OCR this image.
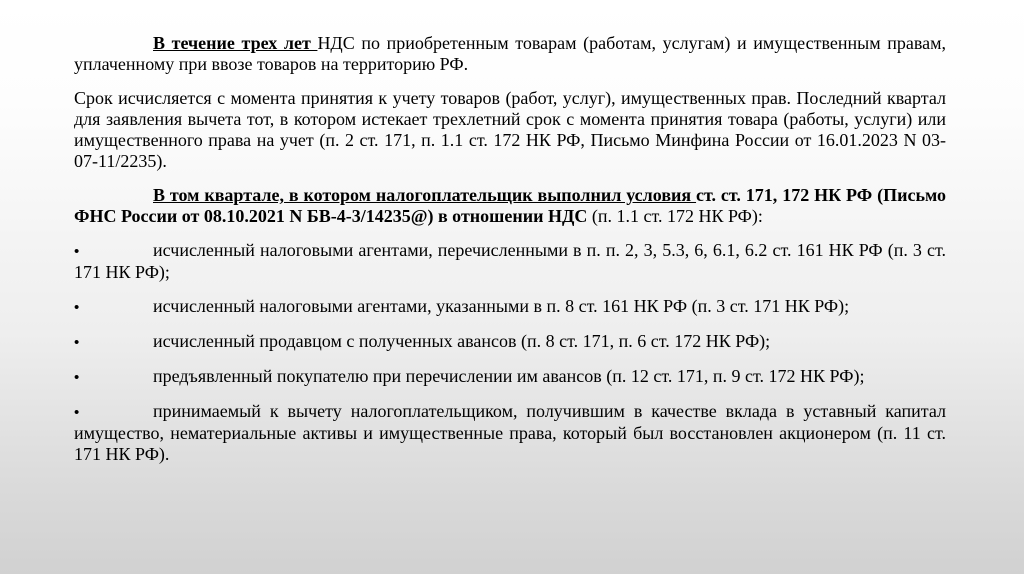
В течение трех лет НДС по приобретенным товарам (работам, услугам) и имущественным правам, уплаченному при ввозе товаров на территорию РФ.

Срок исчисляется с момента принятия к учету товаров (работ, услуг), имущественных прав. Последний квартал для заявления вычета тот, в котором истекает трехлетний срок с момента принятия товара (работы, услуги) или имущественного права на учет (п. 2 ст. 171, п. 1.1 ст. 172 НК РФ, Письмо Минфина России от 16.01.2023 N 03-07-11/2235).

В том квартале, в котором налогоплательщик выполнил условия ст. ст. 171, 172 НК РФ (Письмо ФНС России от 08.10.2021 N БВ-4-3/14235@) в отношении НДС (п. 1.1 ст. 172 НК РФ):

•	исчисленный налоговыми агентами, перечисленными в п. п. 2, 3, 5.3, 6, 6.1, 6.2 ст. 161 НК РФ (п. 3 ст. 171 НК РФ);

•	исчисленный налоговыми агентами, указанными в п. 8 ст. 161 НК РФ (п. 3 ст. 171 НК РФ);

•	исчисленный продавцом с полученных авансов (п. 8 ст. 171, п. 6 ст. 172 НК РФ);

•	предъявленный покупателю при перечислении им авансов (п. 12 ст. 171, п. 9 ст. 172 НК РФ);

•	принимаемый к вычету налогоплательщиком, получившим в качестве вклада в уставный капитал имущество, нематериальные активы и имущественные права, который был восстановлен акционером (п. 11 ст. 171 НК РФ).
